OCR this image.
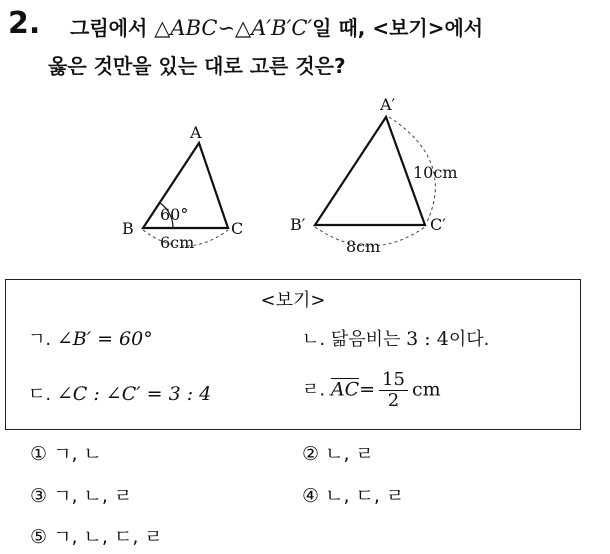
2. 그림에서 △ABC∽△A′B′C′일 때, <보기>에서
옳은 것만을 있는 대로 고른 것은?
A
B	C
60°
6cm
A′
B′	C′
10cm
8cm
<보기>
ㄱ. ∠B′ = 60°	ㄴ. 닮음비는 3 : 4이다.
ㄷ. ∠C : ∠C′ = 3 : 4	ㄹ. $\overline{AC}= \frac{15}{2}$ cm
① ㄱ, ㄴ	② ㄴ, ㄹ
③ ㄱ, ㄴ, ㄹ	④ ㄴ, ㄷ, ㄹ
⑤ ㄱ, ㄴ, ㄷ, ㄹ
